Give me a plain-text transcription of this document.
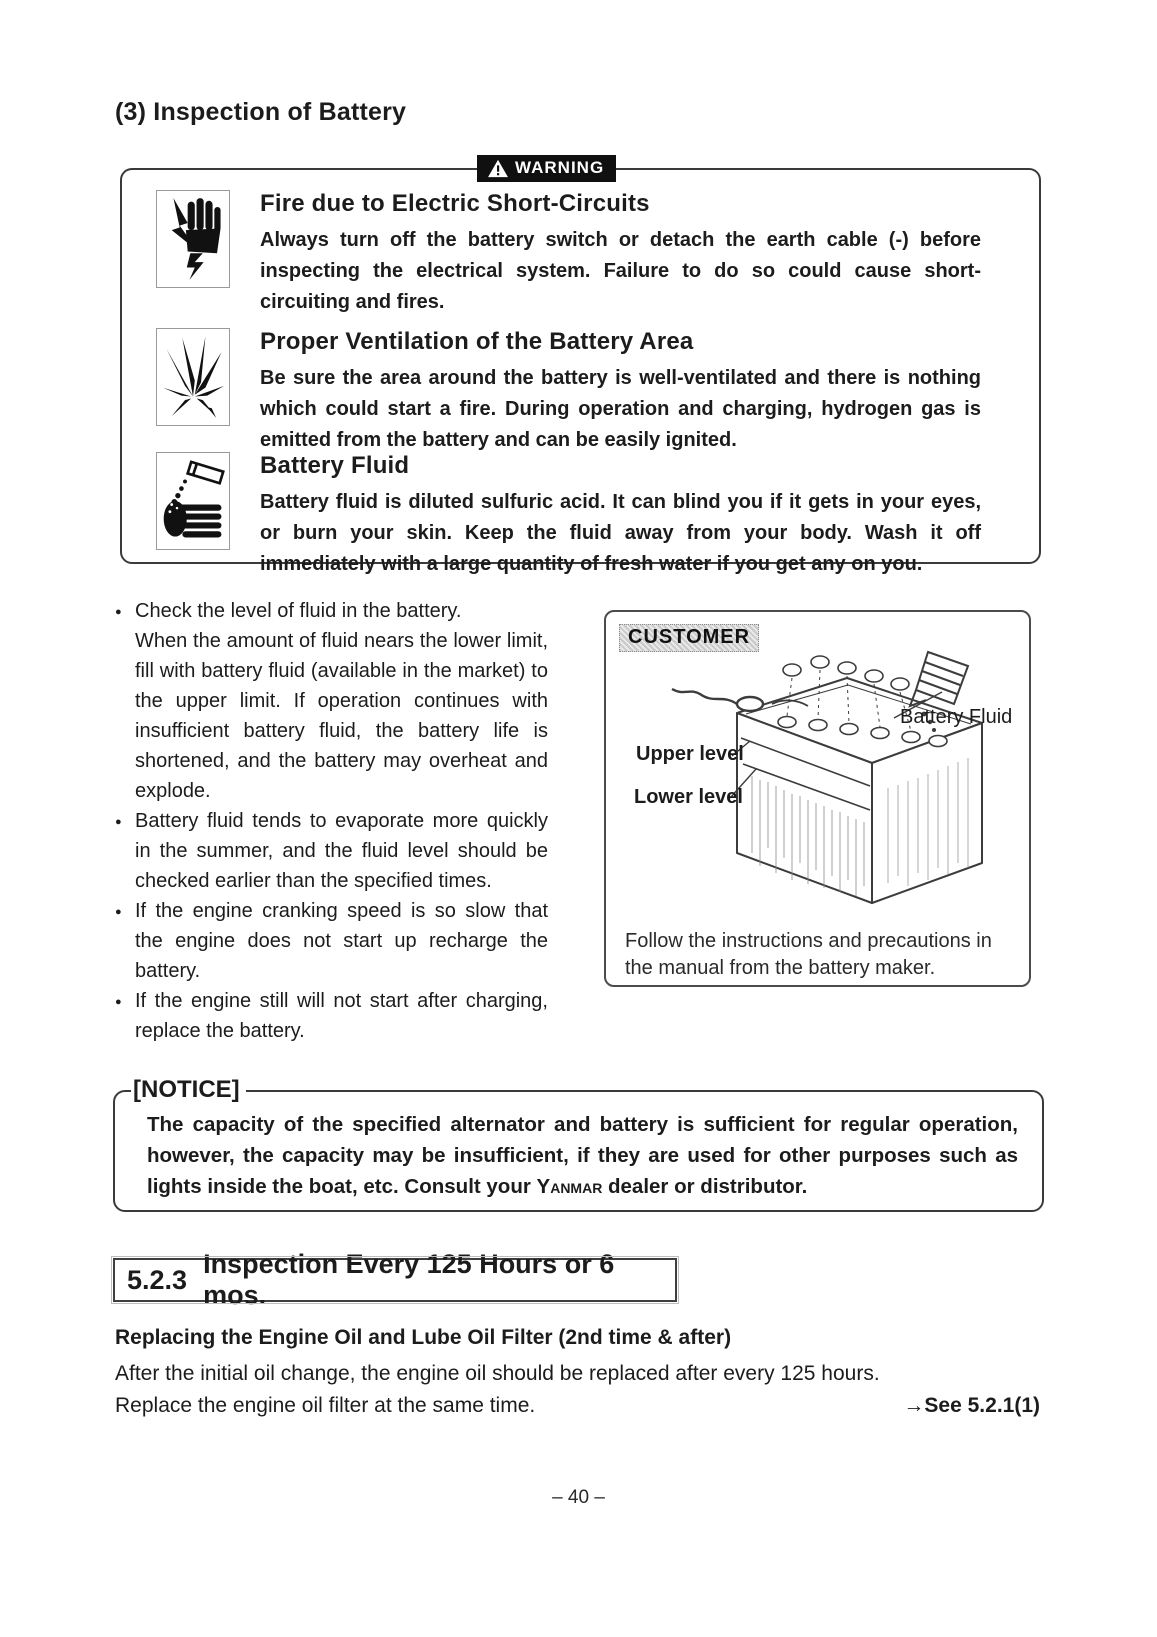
(3) Inspection of Battery
WARNING

Fire due to Electric Short-Circuits

Always turn off the battery switch or detach the earth cable (-) before inspecting the electrical system. Failure to do so could cause short-circuiting and fires.

Proper Ventilation of the Battery Area

Be sure the area around the battery is well-ventilated and there is nothing which could start a fire. During operation and charging, hydrogen gas is emitted from the battery and can be easily ignited.

Battery Fluid

Battery fluid is diluted sulfuric acid. It can blind you if it gets in your eyes, or burn your skin. Keep the fluid away from your body. Wash it off immediately with a large quantity of fresh water if you get any on you.

● Check the level of fluid in the battery.

When the amount of fluid nears the lower limit, fill with battery fluid (available in the market) to the upper limit. If operation continues with insufficient battery fluid, the battery life is shortened, and the battery may overheat and explode.

● Battery fluid tends to evaporate more quickly in the summer, and the fluid level should be checked earlier than the specified times.

● If the engine cranking speed is so slow that the engine does not start up recharge the battery.

● If the engine still will not start after charging, replace the battery.

CUSTOMER
Upper level
Lower level
Battery Fluid
Follow the instructions and precautions in the manual from the battery maker.
[NOTICE]

The capacity of the specified alternator and battery is sufficient for regular operation, however, the capacity may be insufficient, if they are used for other purposes such as lights inside the boat, etc. Consult your Yanmar dealer or distributor.

5.2.3
Inspection Every 125 Hours or 6 mos.
Replacing the Engine Oil and Lube Oil Filter (2nd time & after)
After the initial oil change, the engine oil should be replaced after every 125 hours.
Replace the engine oil filter at the same time.	→See 5.2.1(1)
– 40 –
